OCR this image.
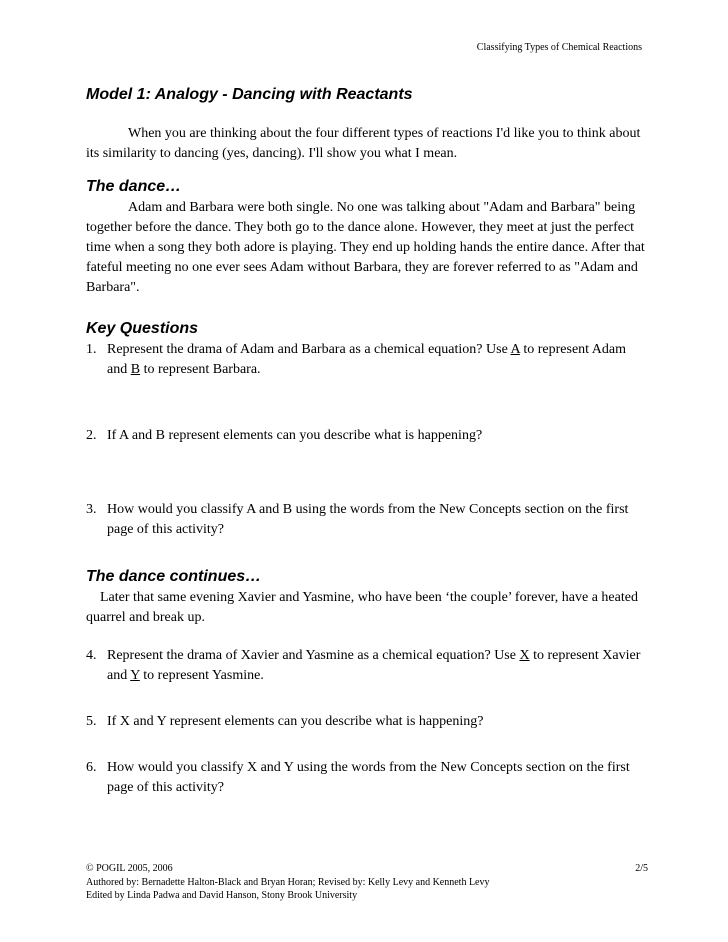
Classifying Types of Chemical Reactions
Model 1: Analogy - Dancing with Reactants

When you are thinking about the four different types of reactions I'd like you to think about its similarity to dancing (yes, dancing). I'll show you what I mean.

The dance…

Adam and Barbara were both single. No one was talking about "Adam and Barbara" being together before the dance. They both go to the dance alone. However, they meet at just the perfect time when a song they both adore is playing. They end up holding hands the entire dance. After that fateful meeting no one ever sees Adam without Barbara, they are forever referred to as "Adam and Barbara".

Key Questions
1. Represent the drama of Adam and Barbara as a chemical equation? Use A to represent Adam and B to represent Barbara.
2. If A and B represent elements can you describe what is happening?
3. How would you classify A and B using the words from the New Concepts section on the first page of this activity?
The dance continues…

Later that same evening Xavier and Yasmine, who have been ‘the couple’ forever, have a heated quarrel and break up.

4. Represent the drama of Xavier and Yasmine as a chemical equation? Use X to represent Xavier and Y to represent Yasmine.
5. If X and Y represent elements can you describe what is happening?
6. How would you classify X and Y using the words from the New Concepts section on the first page of this activity?
© POGIL 2005, 2006
Authored by: Bernadette Halton-Black and Bryan Horan; Revised by: Kelly Levy and Kenneth Levy
Edited by Linda Padwa and David Hanson, Stony Brook University
2/5
